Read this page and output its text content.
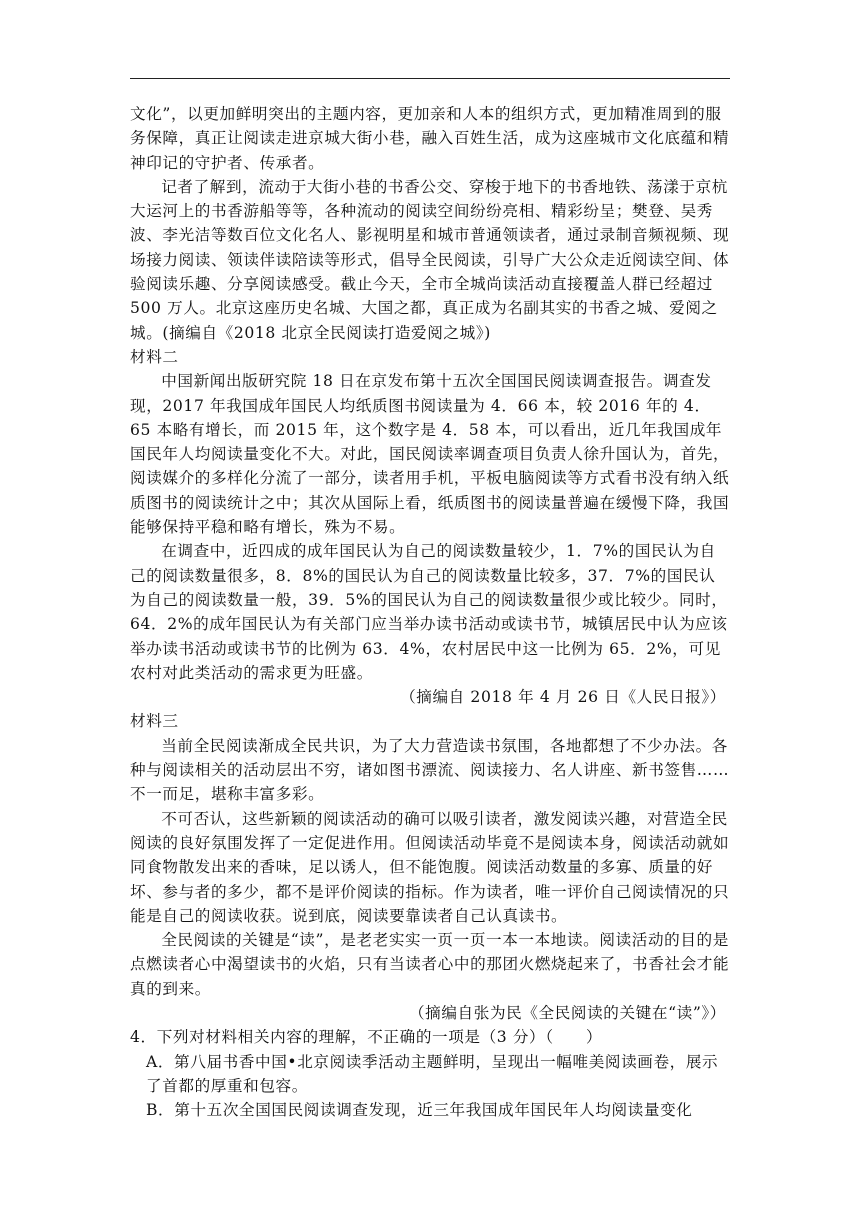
文化”，以更加鲜明突出的主题内容，更加亲和人本的组织方式，更加精准周到的服务保障，真正让阅读走进京城大街小巷，融入百姓生活，成为这座城市文化底蕴和精神印记的守护者、传承者。

记者了解到，流动于大街小巷的书香公交、穿梭于地下的书香地铁、荡漾于京杭大运河上的书香游船等等，各种流动的阅读空间纷纷亮相、精彩纷呈；樊登、吴秀波、李光洁等数百位文化名人、影视明星和城市普通领读者，通过录制音频视频、现场接力阅读、领读伴读陪读等形式，倡导全民阅读，引导广大公众走近阅读空间、体验阅读乐趣、分享阅读感受。截止今天，全市全城尚读活动直接覆盖人群已经超过 500 万人。北京这座历史名城、大国之都，真正成为名副其实的书香之城、爱阅之城。(摘编自《2018 北京全民阅读打造爱阅之城》)

材料二

中国新闻出版研究院 18 日在京发布第十五次全国国民阅读调查报告。调查发现，2017 年我国成年国民人均纸质图书阅读量为 4．66 本，较 2016 年的 4．65 本略有增长，而 2015 年，这个数字是 4．58 本，可以看出，近几年我国成年国民年人均阅读量变化不大。对此，国民阅读率调查项目负责人徐升国认为，首先，阅读媒介的多样化分流了一部分，读者用手机，平板电脑阅读等方式看书没有纳入纸质图书的阅读统计之中；其次从国际上看，纸质图书的阅读量普遍在缓慢下降，我国能够保持平稳和略有增长，殊为不易。

在调查中，近四成的成年国民认为自己的阅读数量较少，1．7%的国民认为自己的阅读数量很多，8．8%的国民认为自己的阅读数量比较多，37．7%的国民认为自己的阅读数量一般，39．5%的国民认为自己的阅读数量很少或比较少。同时，64．2%的成年国民认为有关部门应当举办读书活动或读书节，城镇居民中认为应该举办读书活动或读书节的比例为 63．4%，农村居民中这一比例为 65．2%，可见农村对此类活动的需求更为旺盛。

（摘编自 2018 年 4 月 26 日《人民日报》）

材料三

当前全民阅读渐成全民共识，为了大力营造读书氛围，各地都想了不少办法。各种与阅读相关的活动层出不穷，诸如图书漂流、阅读接力、名人讲座、新书签售……不一而足，堪称丰富多彩。

不可否认，这些新颖的阅读活动的确可以吸引读者，激发阅读兴趣，对营造全民阅读的良好氛围发挥了一定促进作用。但阅读活动毕竟不是阅读本身，阅读活动就如同食物散发出来的香味，足以诱人，但不能饱腹。阅读活动数量的多寡、质量的好坏、参与者的多少，都不是评价阅读的指标。作为读者，唯一评价自己阅读情况的只能是自己的阅读收获。说到底，阅读要靠读者自己认真读书。

全民阅读的关键是“读”，是老老实实一页一页一本一本地读。阅读活动的目的是点燃读者心中渴望读书的火焰，只有当读者心中的那团火燃烧起来了，书香社会才能真的到来。

（摘编自张为民《全民阅读的关键在“读”》）

4．下列对材料相关内容的理解，不正确的一项是（3 分）（　　）

A．第八届书香中国•北京阅读季活动主题鲜明，呈现出一幅唯美阅读画卷，展示了首都的厚重和包容。

B．第十五次全国国民阅读调查发现，近三年我国成年国民年人均阅读量变化
